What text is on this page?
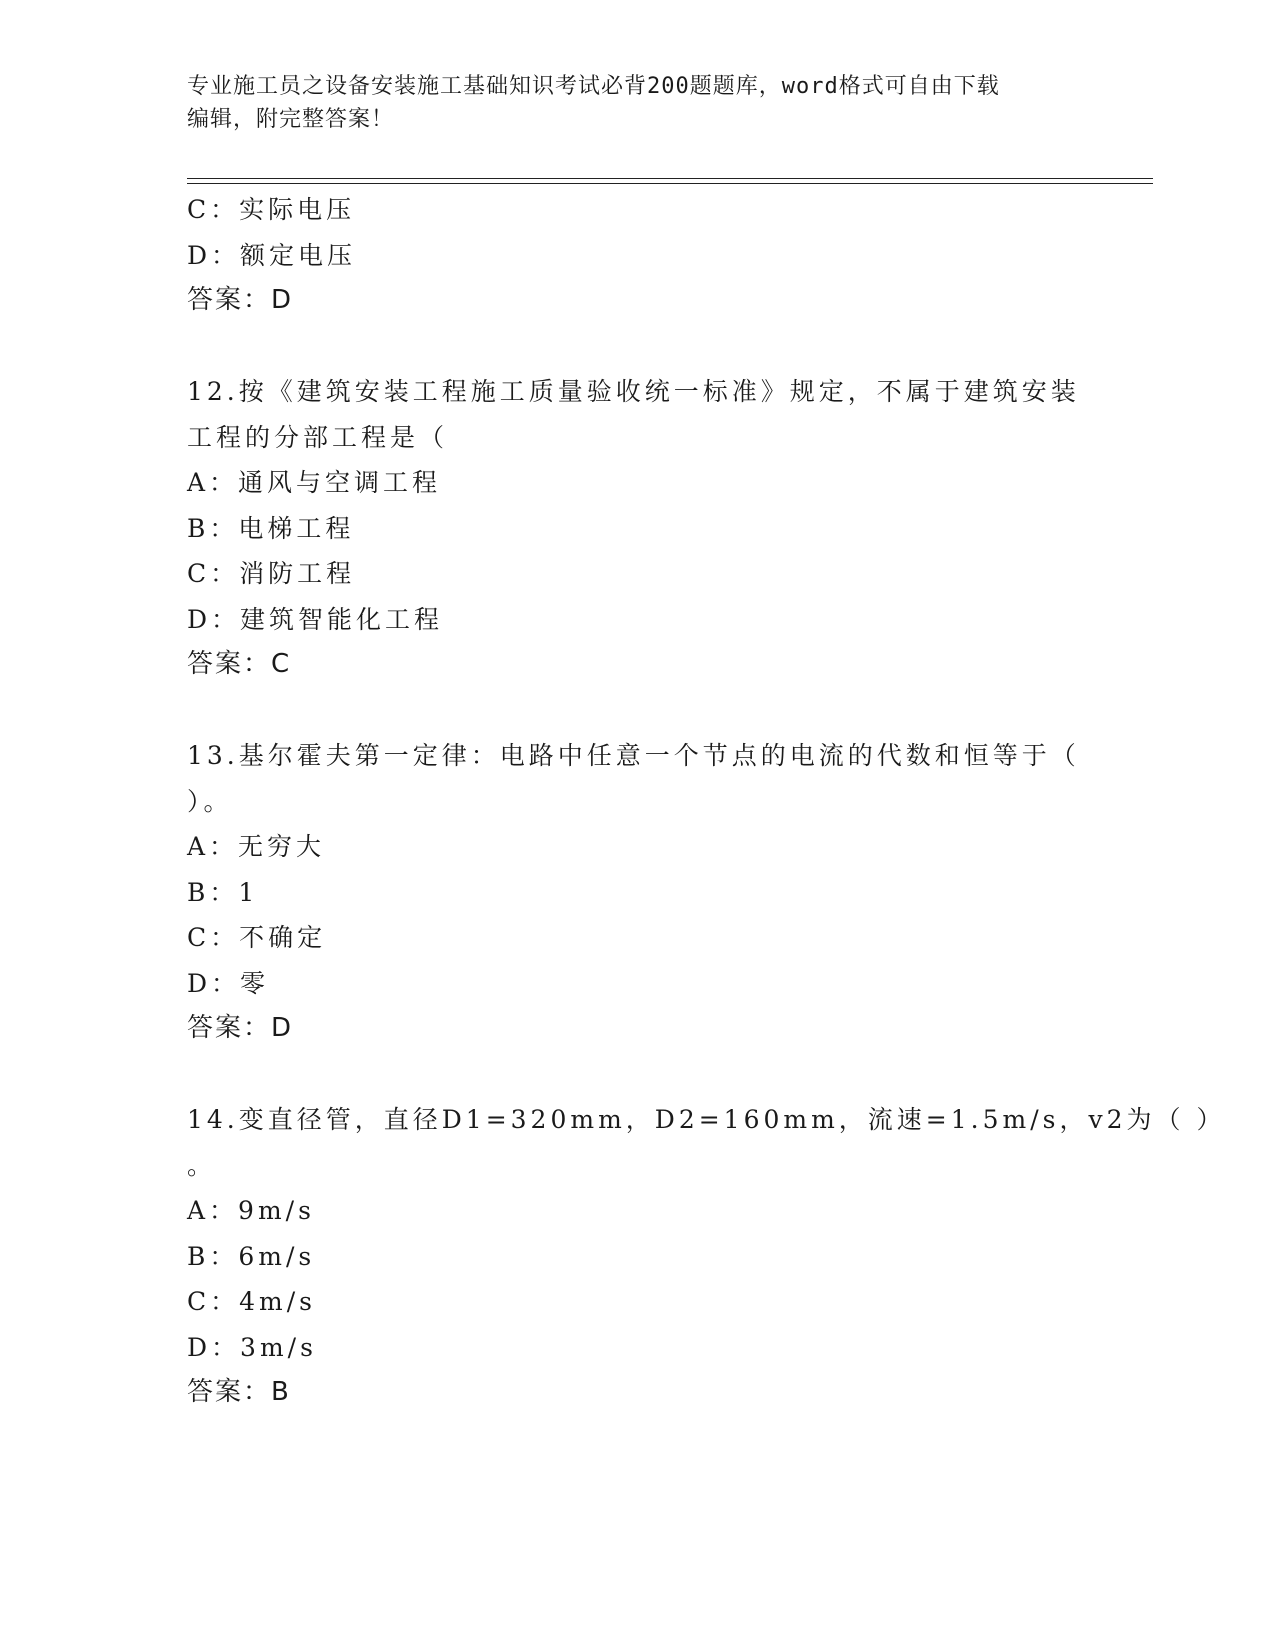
专业施工员之设备安装施工基础知识考试必背200题题库，word格式可自由下载
编辑，附完整答案！
C：实际电压
D：额定电压
答案：D
12.按《建筑安装工程施工质量验收统一标准》规定，不属于建筑安装
工程的分部工程是（
A：通风与空调工程
B：电梯工程
C：消防工程
D：建筑智能化工程
答案：C
13.基尔霍夫第一定律：电路中任意一个节点的电流的代数和恒等于（
）。
A：无穷大
B：1
C：不确定
D：零
答案：D
14.变直径管，直径D1=320mm，D2=160mm，流速=1.5m/s，v2为（ ）
。
A：9m/s
B：6m/s
C：4m/s
D：3m/s
答案：B
